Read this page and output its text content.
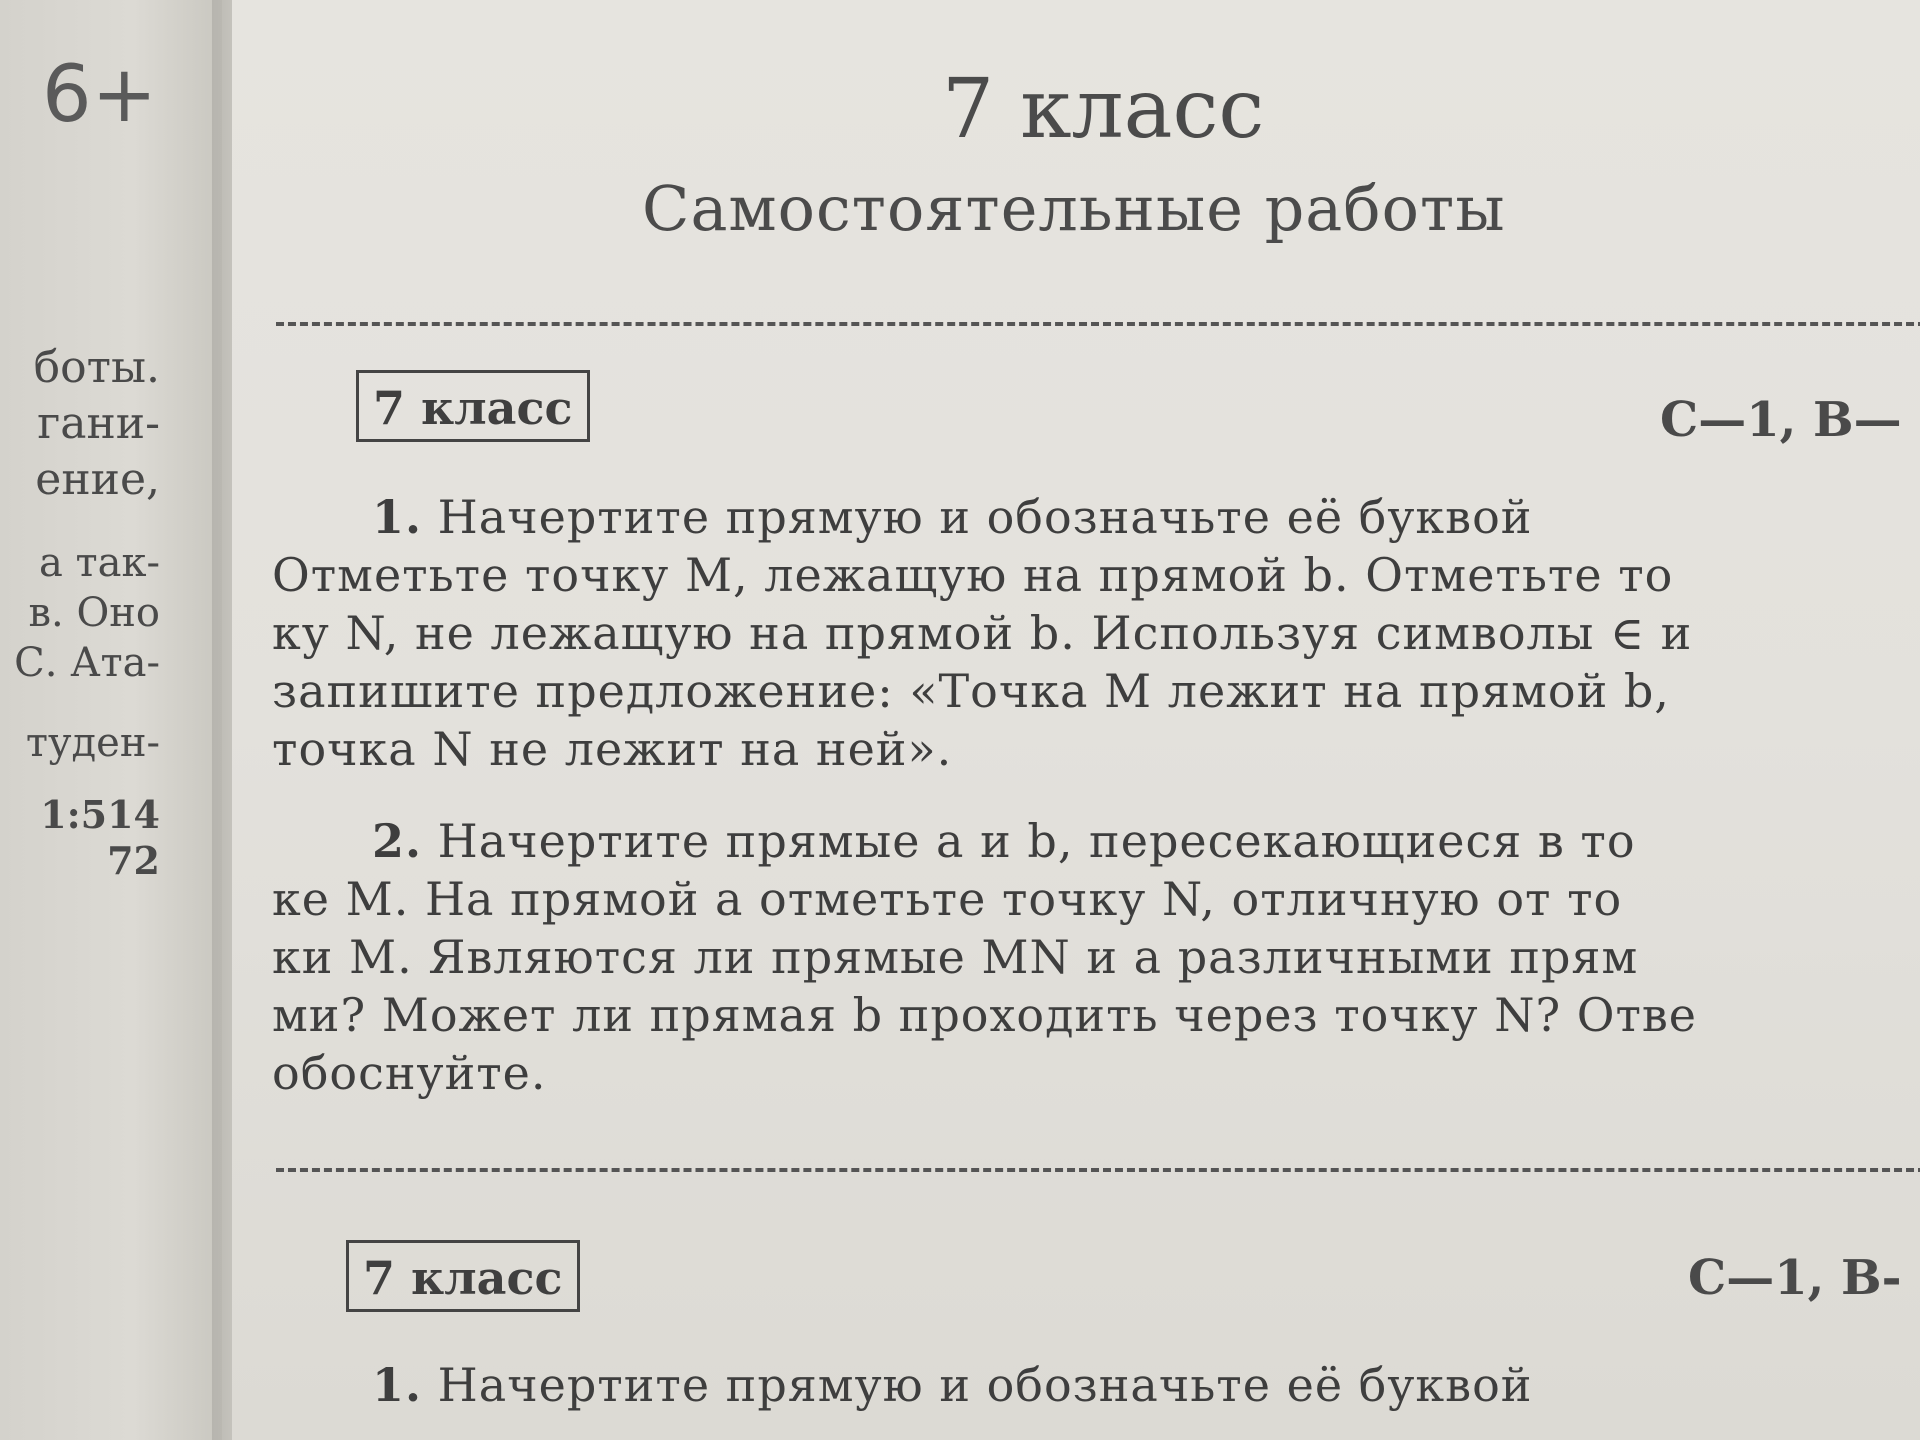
6+
боты.
гани-
ение,
а так-
в. Оно
С. Ата-
туден-
1:514
72
7 класс
Самостоятельные работы
7 класс	С—1, В—
1. Начертите прямую и обозначьте её буквой
Отметьте точку M, лежащую на прямой b. Отметьте то
ку N, не лежащую на прямой b. Используя символы ∈ и
запишите предложение: «Точка M лежит на прямой b,
точка N не лежит на ней».
2. Начертите прямые a и b, пересекающиеся в то
ке M. На прямой a отметьте точку N, отличную от то
ки M. Являются ли прямые MN и a различными прям
ми? Может ли прямая b проходить через точку N? Отве
обоснуйте.
7 класс	С—1, В-
1. Начертите прямую и обозначьте её буквой
